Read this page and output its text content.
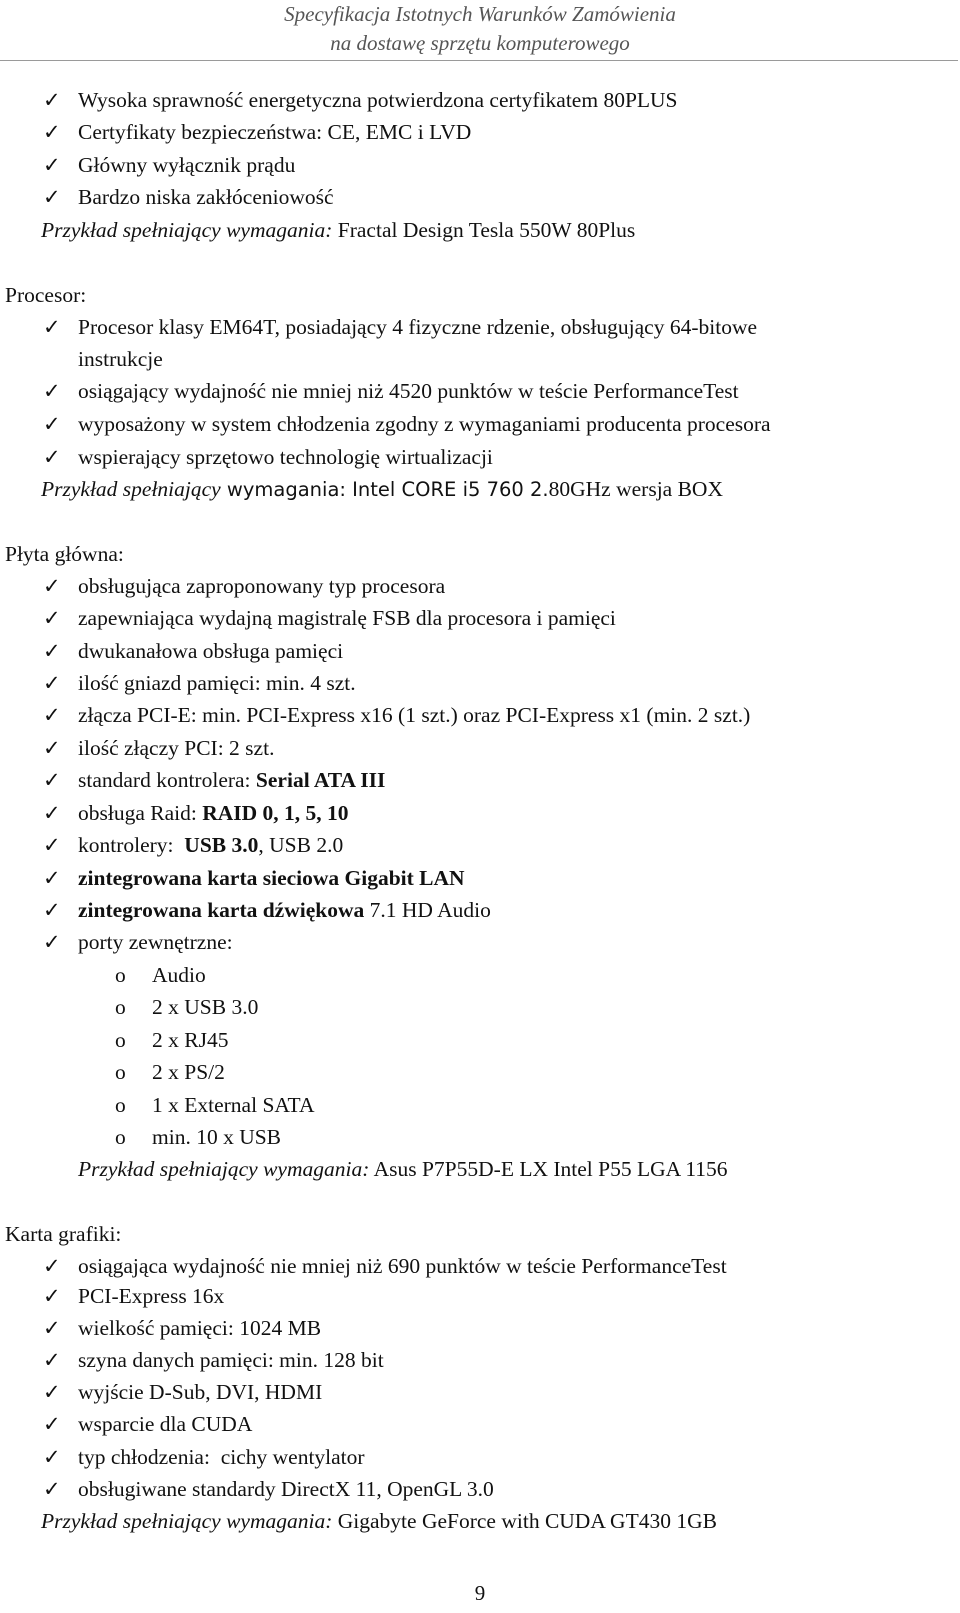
Specyfikacja Istotnych Warunków Zamówienia
na dostawę sprzętu komputerowego
✓ Wysoka sprawność energetyczna potwierdzona certyfikatem 80PLUS
✓ Certyfikaty bezpieczeństwa: CE, EMC i LVD
✓ Główny wyłącznik prądu
✓ Bardzo niska zakłóceniowość
Przykład spełniający wymagania: Fractal Design Tesla 550W 80Plus
Procesor:
✓ Procesor klasy EM64T, posiadający 4 fizyczne rdzenie, obsługujący 64-bitowe
instrukcje
✓ osiągający wydajność nie mniej niż 4520 punktów w teście PerformanceTest
✓ wyposażony w system chłodzenia zgodny z wymaganiami producenta procesora
✓ wspierający sprzętowo technologię wirtualizacji
Przykład spełniający wymagania: Intel CORE i5 760 2.80GHz wersja BOX
Płyta główna:
✓ obsługująca zaproponowany typ procesora
✓ zapewniająca wydajną magistralę FSB dla procesora i pamięci
✓ dwukanałowa obsługa pamięci
✓ ilość gniazd pamięci: min. 4 szt.
✓ złącza PCI-E: min. PCI-Express x16 (1 szt.) oraz PCI-Express x1 (min. 2 szt.)
✓ ilość złączy PCI: 2 szt.
✓ standard kontrolera: Serial ATA III
✓ obsługa Raid: RAID 0, 1, 5, 10
✓ kontrolery:  USB 3.0, USB 2.0
✓ zintegrowana karta sieciowa Gigabit LAN
✓ zintegrowana karta dźwiękowa 7.1 HD Audio
✓ porty zewnętrzne:
o Audio
o 2 x USB 3.0
o 2 x RJ45
o 2 x PS/2
o 1 x External SATA
o min. 10 x USB
Przykład spełniający wymagania: Asus P7P55D-E LX Intel P55 LGA 1156
Karta grafiki:
✓ osiągająca wydajność nie mniej niż 690 punktów w teście PerformanceTest
✓ PCI-Express 16x
✓ wielkość pamięci: 1024 MB
✓ szyna danych pamięci: min. 128 bit
✓ wyjście D-Sub, DVI, HDMI
✓ wsparcie dla CUDA
✓ typ chłodzenia:  cichy wentylator
✓ obsługiwane standardy DirectX 11, OpenGL 3.0
Przykład spełniający wymagania: Gigabyte GeForce with CUDA GT430 1GB
9
